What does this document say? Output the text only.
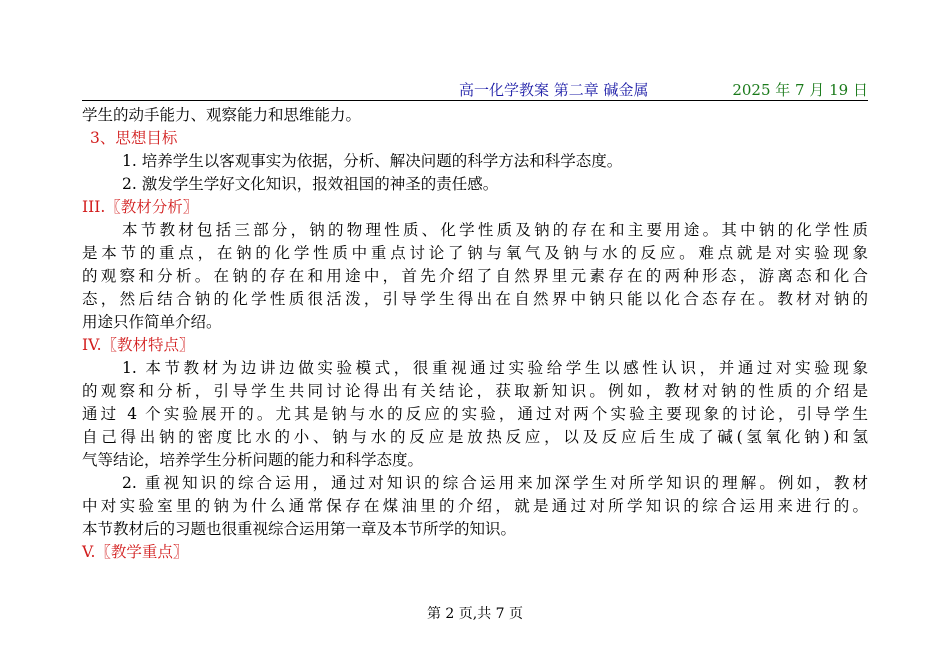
高一化学教案 第二章 碱金属	2025 年 7 月 19 日
学生的动手能力、观察能力和思维能力。
3、思想目标
1. 培养学生以客观事实为依据，分析、解决问题的科学方法和科学态度。
2. 激发学生学好文化知识，报效祖国的神圣的责任感。
III.〖教材分析〗
本节教材包括三部分，钠的物理性质、化学性质及钠的存在和主要用途。其中钠的化学性质
是本节的重点，在钠的化学性质中重点讨论了钠与氧气及钠与水的反应。难点就是对实验现象
的观察和分析。在钠的存在和用途中，首先介绍了自然界里元素存在的两种形态，游离态和化合
态，然后结合钠的化学性质很活泼，引导学生得出在自然界中钠只能以化合态存在。教材对钠的
用途只作简单介绍。
IV.〖教材特点〗
1. 本节教材为边讲边做实验模式，很重视通过实验给学生以感性认识，并通过对实验现象
的观察和分析，引导学生共同讨论得出有关结论，获取新知识。例如，教材对钠的性质的介绍是
通过 4 个实验展开的。尤其是钠与水的反应的实验，通过对两个实验主要现象的讨论，引导学生
自己得出钠的密度比水的小、钠与水的反应是放热反应，以及反应后生成了碱(氢氧化钠)和氢
气等结论，培养学生分析问题的能力和科学态度。
2. 重视知识的综合运用，通过对知识的综合运用来加深学生对所学知识的理解。例如，教材
中对实验室里的钠为什么通常保存在煤油里的介绍，就是通过对所学知识的综合运用来进行的。
本节教材后的习题也很重视综合运用第一章及本节所学的知识。
V.〖教学重点〗
第 2 页,共 7 页
